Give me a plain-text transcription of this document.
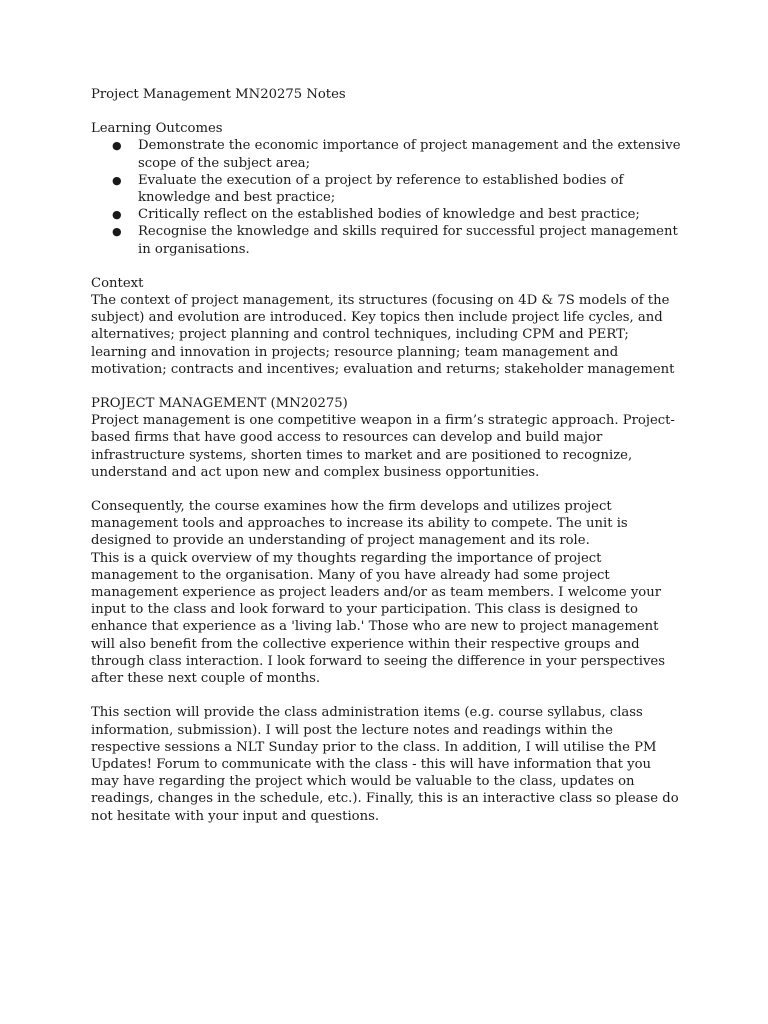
Project Management MN20275 Notes
Learning Outcomes
● Demonstrate the economic importance of project management and the extensive scope of the subject area;
● Evaluate the execution of a project by reference to established bodies of knowledge and best practice;
● Critically reflect on the established bodies of knowledge and best practice;
● Recognise the knowledge and skills required for successful project management in organisations.
Context

The context of project management, its structures (focusing on 4D & 7S models of the subject) and evolution are introduced. Key topics then include project life cycles, and alternatives; project planning and control techniques, including CPM and PERT; learning and innovation in projects; resource planning; team management and motivation; contracts and incentives; evaluation and returns; stakeholder management

PROJECT MANAGEMENT (MN20275)

Project management is one competitive weapon in a firm’s strategic approach. Project-based firms that have good access to resources can develop and build major infrastructure systems, shorten times to market and are positioned to recognize, understand and act upon new and complex business opportunities.

Consequently, the course examines how the firm develops and utilizes project management tools and approaches to increase its ability to compete. The unit is designed to provide an understanding of project management and its role.

This is a quick overview of my thoughts regarding the importance of project management to the organisation. Many of you have already had some project management experience as project leaders and/or as team members. I welcome your input to the class and look forward to your participation. This class is designed to enhance that experience as a 'living lab.' Those who are new to project management will also benefit from the collective experience within their respective groups and through class interaction. I look forward to seeing the difference in your perspectives after these next couple of months.

This section will provide the class administration items (e.g. course syllabus, class information, submission). I will post the lecture notes and readings within the respective sessions a NLT Sunday prior to the class. In addition, I will utilise the PM Updates! Forum to communicate with the class - this will have information that you may have regarding the project which would be valuable to the class, updates on readings, changes in the schedule, etc.). Finally, this is an interactive class so please do not hesitate with your input and questions.
